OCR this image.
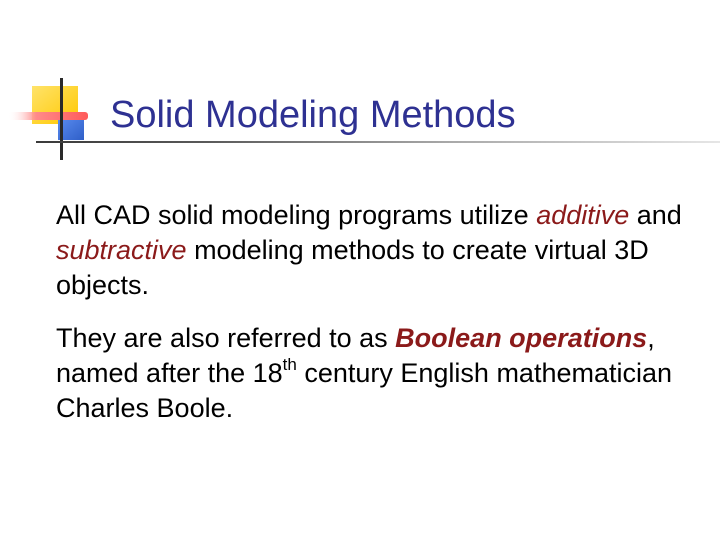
Solid Modeling Methods

All CAD solid modeling programs utilize additive and subtractive modeling methods to create virtual 3D objects.

They are also referred to as Boolean operations, named after the 18th century English mathematician Charles Boole.
